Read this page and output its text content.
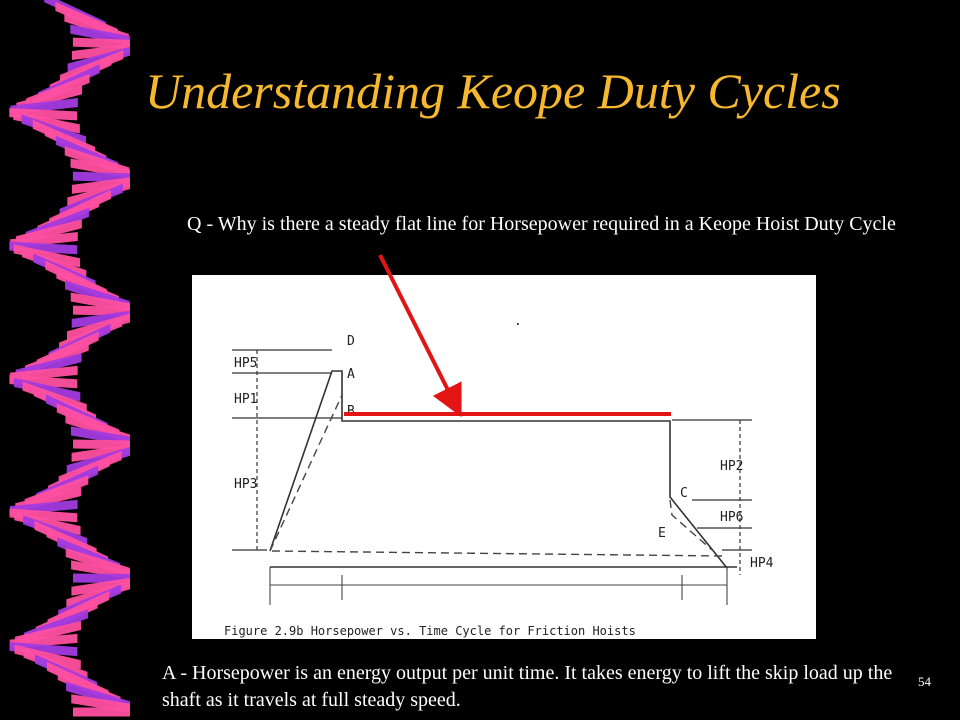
Understanding Keope Duty Cycles

Q - Why is there a steady flat line for Horsepower required in a Keope Hoist Duty Cycle

.
D
A
B
C
E
HP5
HP1
HP3
HP2
HP6
HP4
Figure 2.9b Horsepower vs. Time Cycle for Friction Hoists

A - Horsepower is an energy output per unit time. It takes energy to lift the skip load up the shaft as it travels at full steady speed.

54
